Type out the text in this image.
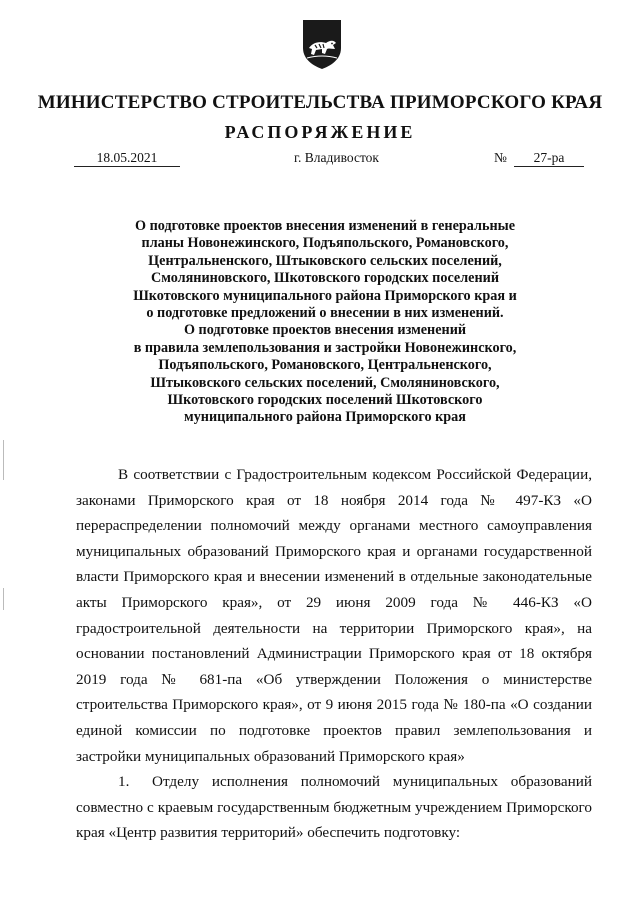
МИНИСТЕРСТВО СТРОИТЕЛЬСТВА ПРИМОРСКОГО КРАЯ
РАСПОРЯЖЕНИЕ
18.05.2021	г. Владивосток	№	27-ра

О подготовке проектов внесения изменений в генеральные

планы Новонежинского, Подъяпольского, Романовского,

Центральненского, Штыковского сельских поселений,

Смоляниновского, Шкотовского городских поселений

Шкотовского муниципального района Приморского края и

о подготовке предложений о внесении в них изменений.

О подготовке проектов внесения изменений

в правила землепользования и застройки Новонежинского,

Подъяпольского, Романовского, Центральненского,

Штыковского сельских поселений, Смоляниновского,

Шкотовского городских поселений Шкотовского

муниципального района Приморского края

В соответствии с Градостроительным кодексом Российской Федерации, законами Приморского края от 18 ноября 2014 года № 497-КЗ «О перераспределении полномочий между органами местного самоуправления муниципальных образований Приморского края и органами государственной власти Приморского края и внесении изменений в отдельные законодательные акты Приморского края», от 29 июня 2009 года № 446-КЗ «О градостроительной деятельности на территории Приморского края», на основании постановлений Администрации Приморского края от 18 октября 2019 года № 681-па «Об утверждении Положения о министерстве строительства Приморского края», от 9 июня 2015 года № 180-па «О создании единой комиссии по подготовке проектов правил землепользования и застройки муниципальных образований Приморского края»

1. Отделу исполнения полномочий муниципальных образований совместно с краевым государственным бюджетным учреждением Приморского края «Центр развития территорий» обеспечить подготовку:
